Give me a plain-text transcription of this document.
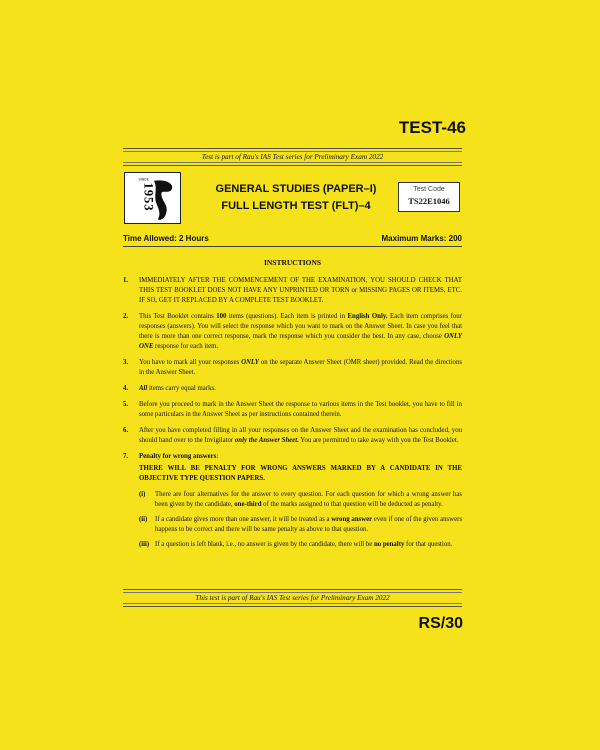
TEST-46
Test is part of Rau's IAS Test series for Preliminary Exam 2022
SINCE
1953	GENERAL STUDIES (PAPER–I)
FULL LENGTH TEST (FLT)–4
Test Code
TS22E1046
Time Allowed: 2 Hours	Maximum Marks: 200
INSTRUCTIONS
1. IMMEDIATELY AFTER THE COMMENCEMENT OF THE EXAMINATION, YOU SHOULD CHECK THAT THIS TEST BOOKLET DOES NOT HAVE ANY UNPRINTED OR TORN or MISSING PAGES OR ITEMS, ETC. IF SO, GET IT REPLACED BY A COMPLETE TEST BOOKLET.
2. This Test Booklet contains 100 items (questions). Each item is printed in English Only. Each item comprises four responses (answers). You will select the response which you want to mark on the Answer Sheet. In case you feel that there is more than one correct response, mark the response which you consider the best. In any case, choose ONLY ONE response for each item.
3. You have to mark all your responses ONLY on the separate Answer Sheet (OMR sheet) provided. Read the directions in the Answer Sheet.
4. All items carry equal marks.
5. Before you proceed to mark in the Answer Sheet the response to various items in the Test booklet, you have to fill in some particulars in the Answer Sheet as per instructions contained therein.
6. After you have completed filling in all your responses on the Answer Sheet and the examination has concluded, you should hand over to the Invigilator only the Answer Sheet. You are permitted to take away with you the Test Booklet.
7. Penalty for wrong answers:
THERE WILL BE PENALTY FOR WRONG ANSWERS MARKED BY A CANDIDATE IN THE OBJECTIVE TYPE QUESTION PAPERS.
(i) There are four alternatives for the answer to every question. For each question for which a wrong answer has been given by the candidate, one-third of the marks assigned to that question will be deducted as penalty.
(ii) If a candidate gives more than one answer, it will be treated as a wrong answer even if one of the given answers happens to be correct and there will be same penalty as above to that question.
(iii) If a question is left blank, i.e., no answer is given by the candidate, there will be no penalty for that question.
This test is part of Rau's IAS Test series for Preliminary Exam 2022
RS/30
